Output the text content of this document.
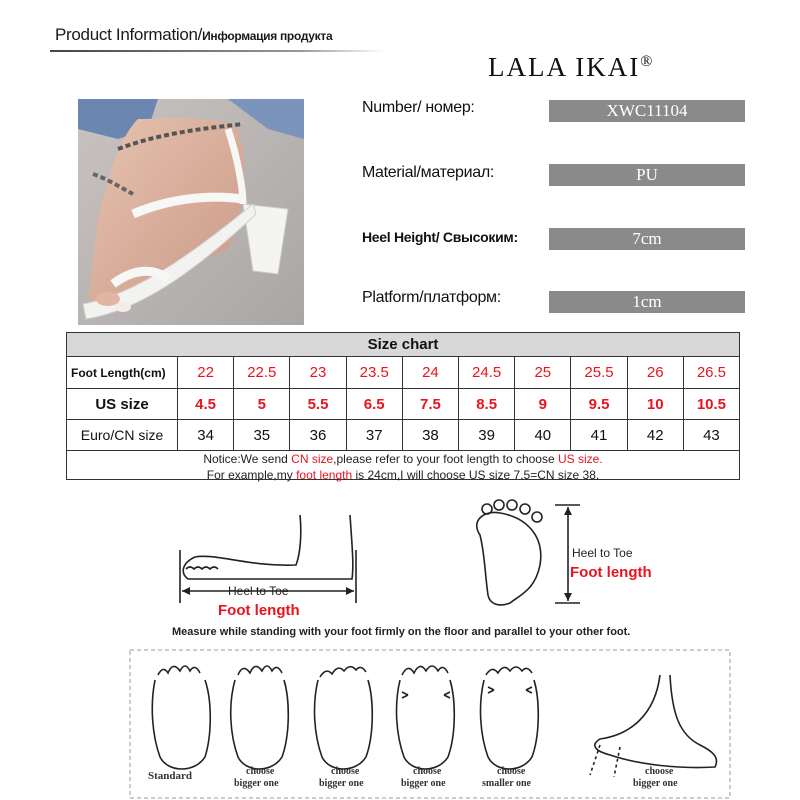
Product Information/Информация продукта
LALA IKAI®
Number/ номер:	XWC11104
Material/материал:	PU
Heel Height/ Свысоким:	7cm
Platform/платформ:	1cm
Size chart
Foot Length(cm)	22	22.5	23	23.5	24	24.5	25	25.5	26	26.5
US size	4.5	5	5.5	6.5	7.5	8.5	9	9.5	10	10.5
Euro/CN size	34	35	36	37	38	39	40	41	42	43
Notice:We send CN size,please refer to your foot length to choose US size.
For example,my foot length is 24cm,I will choose US size 7.5=CN size 38.
Heel to Toe
Foot length
Heel to Toe
Foot length
Measure while standing with your foot firmly on the floor and parallel to your other foot.
Standard	choose
bigger one
choose
bigger one
choose
bigger one
choose
smaller one
choose
bigger one
